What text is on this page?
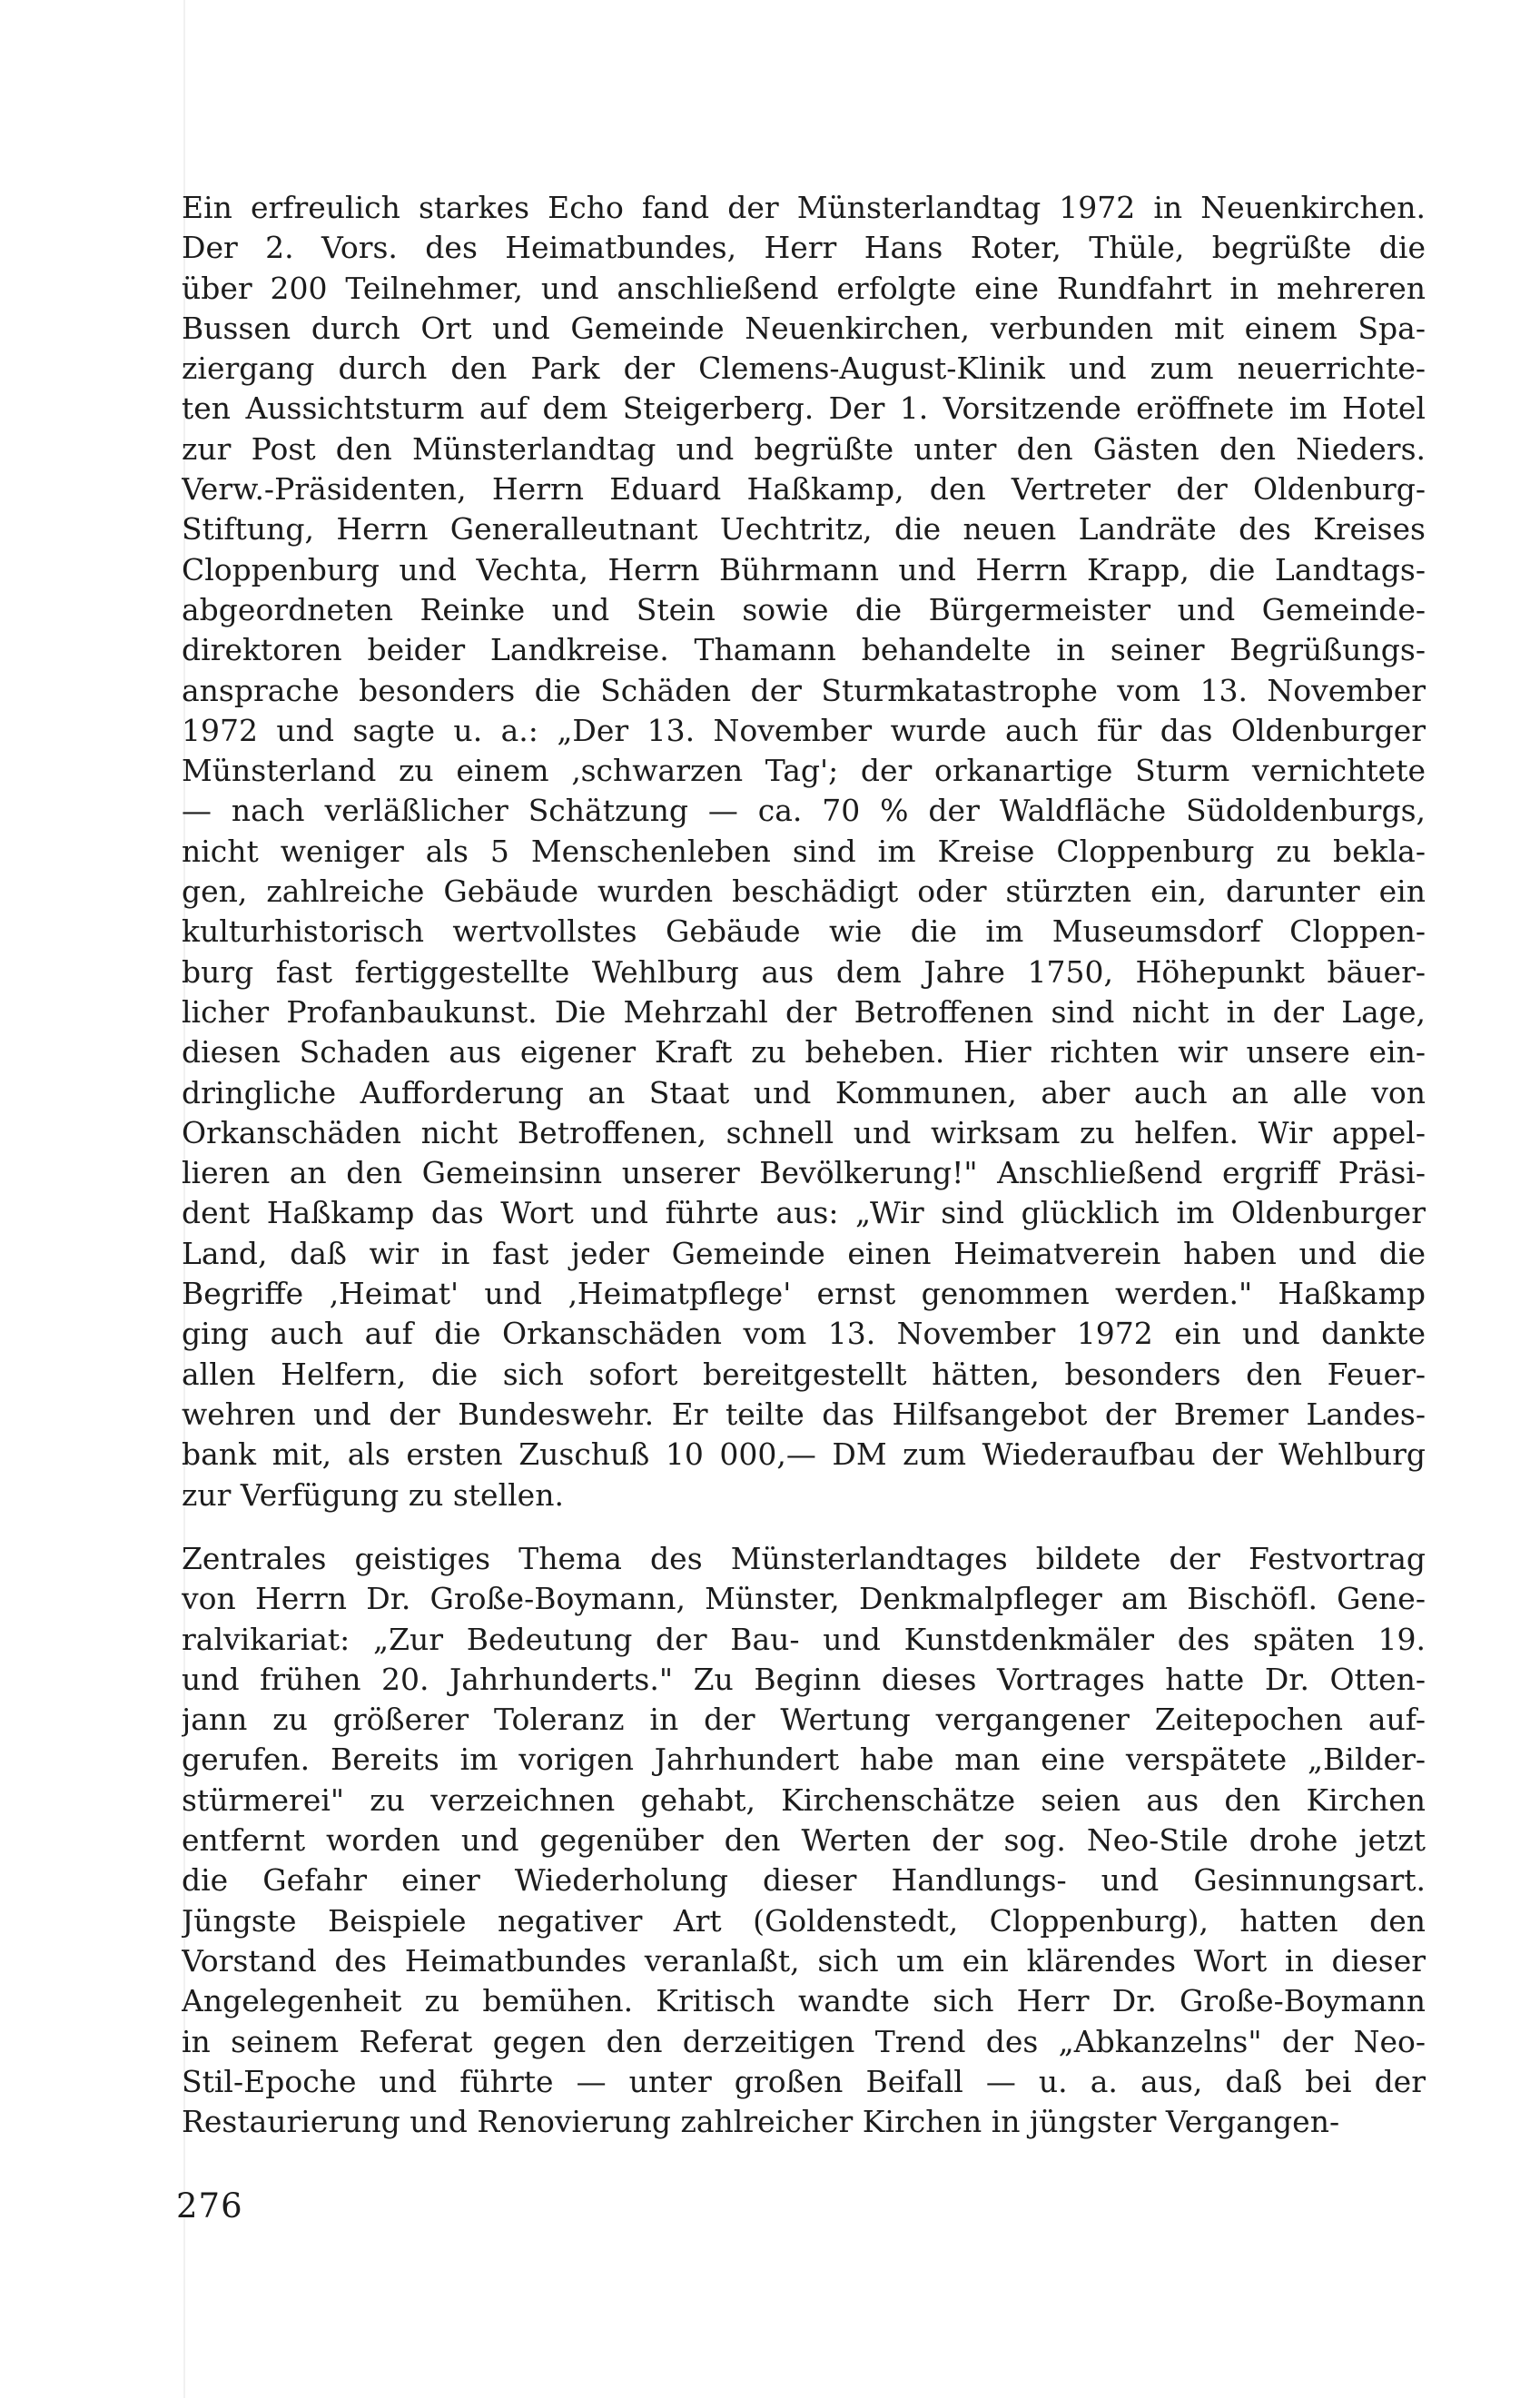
Ein erfreulich starkes Echo fand der Münsterlandtag 1972 in Neuenkirchen.
Der 2. Vors. des Heimatbundes, Herr Hans Roter, Thüle, begrüßte die
über 200 Teilnehmer, und anschließend erfolgte eine Rundfahrt in mehreren
Bussen durch Ort und Gemeinde Neuenkirchen, verbunden mit einem Spa-
ziergang durch den Park der Clemens-August-Klinik und zum neuerrichte-
ten Aussichtsturm auf dem Steigerberg. Der 1. Vorsitzende eröffnete im Hotel
zur Post den Münsterlandtag und begrüßte unter den Gästen den Nieders.
Verw.-Präsidenten, Herrn Eduard Haßkamp, den Vertreter der Oldenburg-
Stiftung, Herrn Generalleutnant Uechtritz, die neuen Landräte des Kreises
Cloppenburg und Vechta, Herrn Bührmann und Herrn Krapp, die Landtags-
abgeordneten Reinke und Stein sowie die Bürgermeister und Gemeinde-
direktoren beider Landkreise. Thamann behandelte in seiner Begrüßungs-
ansprache besonders die Schäden der Sturmkatastrophe vom 13. November
1972 und sagte u. a.: „Der 13. November wurde auch für das Oldenburger
Münsterland zu einem ‚schwarzen Tag'; der orkanartige Sturm vernichtete
— nach verläßlicher Schätzung — ca. 70 % der Waldfläche Südoldenburgs,
nicht weniger als 5 Menschenleben sind im Kreise Cloppenburg zu bekla-
gen, zahlreiche Gebäude wurden beschädigt oder stürzten ein, darunter ein
kulturhistorisch wertvollstes Gebäude wie die im Museumsdorf Cloppen-
burg fast fertiggestellte Wehlburg aus dem Jahre 1750, Höhepunkt bäuer-
licher Profanbaukunst. Die Mehrzahl der Betroffenen sind nicht in der Lage,
diesen Schaden aus eigener Kraft zu beheben. Hier richten wir unsere ein-
dringliche Aufforderung an Staat und Kommunen, aber auch an alle von
Orkanschäden nicht Betroffenen, schnell und wirksam zu helfen. Wir appel-
lieren an den Gemeinsinn unserer Bevölkerung!" Anschließend ergriff Präsi-
dent Haßkamp das Wort und führte aus: „Wir sind glücklich im Oldenburger
Land, daß wir in fast jeder Gemeinde einen Heimatverein haben und die
Begriffe ‚Heimat' und ‚Heimatpflege' ernst genommen werden." Haßkamp
ging auch auf die Orkanschäden vom 13. November 1972 ein und dankte
allen Helfern, die sich sofort bereitgestellt hätten, besonders den Feuer-
wehren und der Bundeswehr. Er teilte das Hilfsangebot der Bremer Landes-
bank mit, als ersten Zuschuß 10 000,— DM zum Wiederaufbau der Wehlburg
zur Verfügung zu stellen.
Zentrales geistiges Thema des Münsterlandtages bildete der Festvortrag
von Herrn Dr. Große-Boymann, Münster, Denkmalpfleger am Bischöfl. Gene-
ralvikariat: „Zur Bedeutung der Bau- und Kunstdenkmäler des späten 19.
und frühen 20. Jahrhunderts." Zu Beginn dieses Vortrages hatte Dr. Otten-
jann zu größerer Toleranz in der Wertung vergangener Zeitepochen auf-
gerufen. Bereits im vorigen Jahrhundert habe man eine verspätete „Bilder-
stürmerei" zu verzeichnen gehabt, Kirchenschätze seien aus den Kirchen
entfernt worden und gegenüber den Werten der sog. Neo-Stile drohe jetzt
die Gefahr einer Wiederholung dieser Handlungs- und Gesinnungsart.
Jüngste Beispiele negativer Art (Goldenstedt, Cloppenburg), hatten den
Vorstand des Heimatbundes veranlaßt, sich um ein klärendes Wort in dieser
Angelegenheit zu bemühen. Kritisch wandte sich Herr Dr. Große-Boymann
in seinem Referat gegen den derzeitigen Trend des „Abkanzelns" der Neo-
Stil-Epoche und führte — unter großen Beifall — u. a. aus, daß bei der
Restaurierung und Renovierung zahlreicher Kirchen in jüngster Vergangen-
276
